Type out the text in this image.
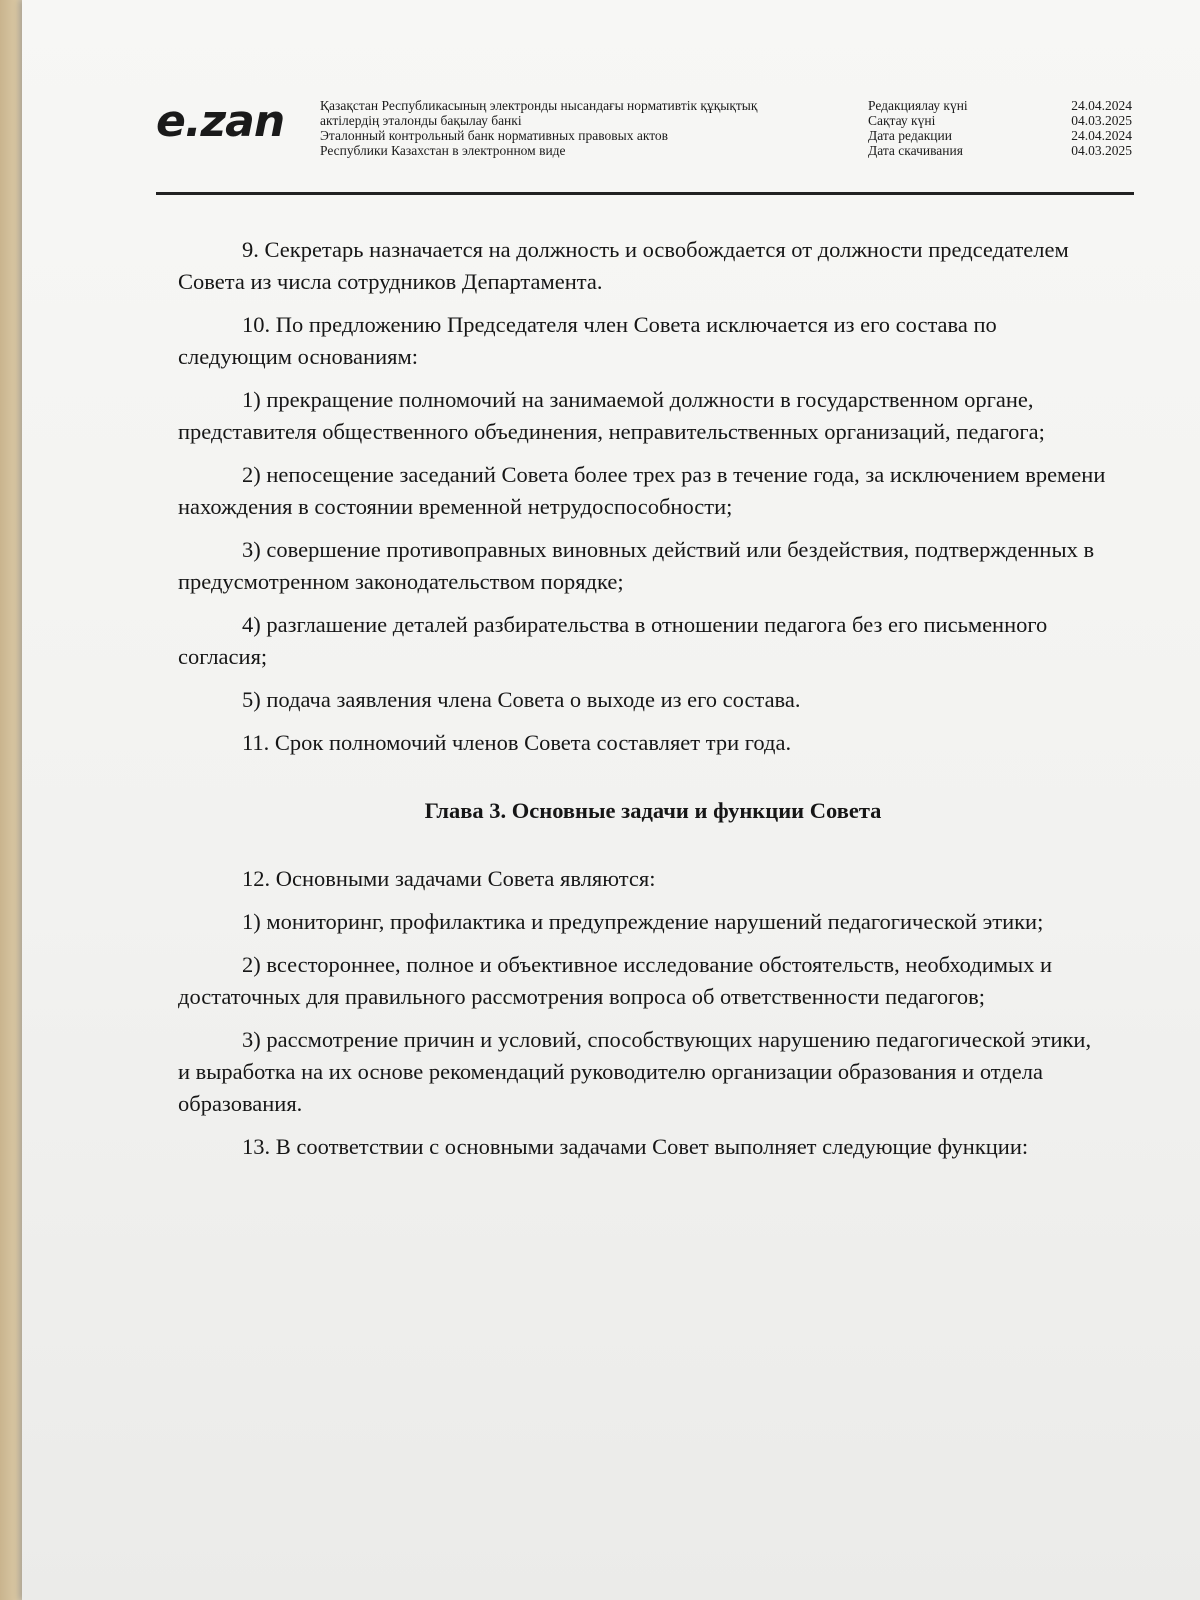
e.zan	Қазақстан Республикасының электронды нысандағы нормативтік құқықтық
актілердің эталонды бақылау банкі
Эталонный контрольный банк нормативных правовых актов
Республики Казахстан в электронном виде
Редакциялау күні	24.04.2024
Сақтау күні	04.03.2025
Дата редакции	24.04.2024
Дата скачивания	04.03.2025

9. Секретарь назначается на должность и освобождается от должности председателем Совета из числа сотрудников Департамента.

10. По предложению Председателя член Совета исключается из его состава по следующим основаниям:

1) прекращение полномочий на занимаемой должности в государственном органе, представителя общественного объединения, неправительственных организаций, педагога;

2) непосещение заседаний Совета более трех раз в течение года, за исключением времени нахождения в состоянии временной нетрудоспособности;

3) совершение противоправных виновных действий или бездействия, подтвержденных в предусмотренном законодательством порядке;

4) разглашение деталей разбирательства в отношении педагога без его письменного согласия;

5) подача заявления члена Совета о выходе из его состава.

11. Срок полномочий членов Совета составляет три года.

Глава 3. Основные задачи и функции Совета

12. Основными задачами Совета являются:

1) мониторинг, профилактика и предупреждение нарушений педагогической этики;

2) всестороннее, полное и объективное исследование обстоятельств, необходимых и достаточных для правильного рассмотрения вопроса об ответственности педагогов;

3) рассмотрение причин и условий, способствующих нарушению педагогической этики, и выработка на их основе рекомендаций руководителю организации образования и отдела образования.

13. В соответствии с основными задачами Совет выполняет следующие функции:
